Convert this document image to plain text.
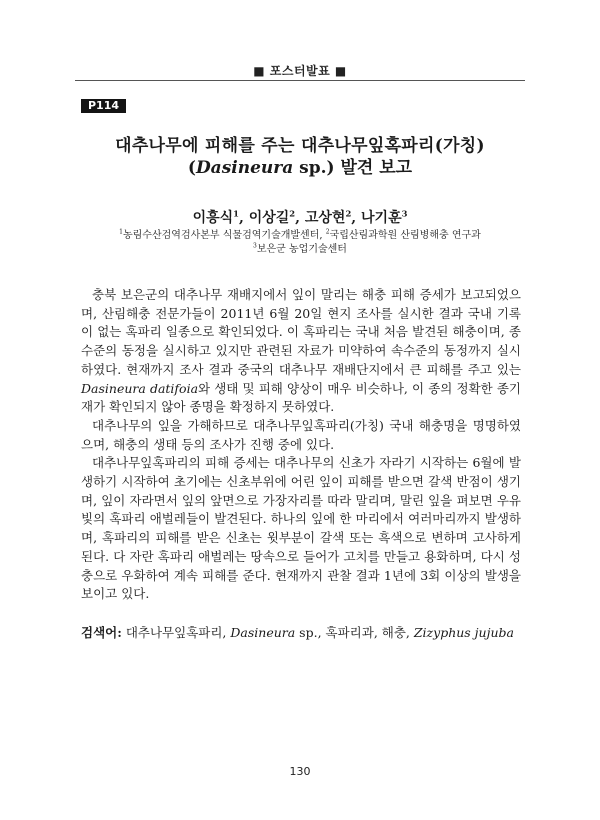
■ 포스터발표 ■
P114
대추나무에 피해를 주는 대추나무잎혹파리(가칭)
(Dasineura sp.) 발견 보고
이흥식$^1$, 이상길$^2$, 고상현$^2$, 나기훈$^3$
$^1$농림수산검역검사본부 식물검역기술개발센터, $^2$국립산림과학원 산림병해충 연구과
$^3$보은군 농업기술센터

충북 보은군의 대추나무 재배지에서 잎이 말리는 해충 피해 증세가 보고되었으며, 산림해충 전문가들이 2011년 6월 20일 현지 조사를 실시한 결과 국내 기록이 없는 혹파리 일종으로 확인되었다. 이 혹파리는 국내 처음 발견된 해충이며, 종 수준의 동정을 실시하고 있지만 관련된 자료가 미약하여 속수준의 동정까지 실시 하였다. 현재까지 조사 결과 중국의 대추나무 재배단지에서 큰 피해를 주고 있는 Dasineura datifoia와 생태 및 피해 양상이 매우 비슷하나, 이 종의 정확한 종기재가 확인되지 않아 종명을 확정하지 못하였다.

대추나무의 잎을 가해하므로 대추나무잎혹파리(가칭) 국내 해충명을 명명하였으며, 해충의 생태 등의 조사가 진행 중에 있다.

대추나무잎혹파리의 피해 증세는 대추나무의 신초가 자라기 시작하는 6월에 발생하기 시작하여 초기에는 신초부위에 어린 잎이 피해를 받으면 갈색 반점이 생기며, 잎이 자라면서 잎의 앞면으로 가장자리를 따라 말리며, 말린 잎을 펴보면 우유빛의 혹파리 애벌레들이 발견된다. 하나의 잎에 한 마리에서 여러마리까지 발생하며, 혹파리의 피해를 받은 신초는 윗부분이 갈색 또는 흑색으로 변하며 고사하게 된다. 다 자란 혹파리 애벌레는 땅속으로 들어가 고치를 만들고 용화하며, 다시 성충으로 우화하여 계속 피해를 준다. 현재까지 관찰 결과 1년에 3회 이상의 발생을 보이고 있다.

검색어: 대추나무잎혹파리, Dasineura sp., 혹파리과, 해충, Zizyphus jujuba
130
